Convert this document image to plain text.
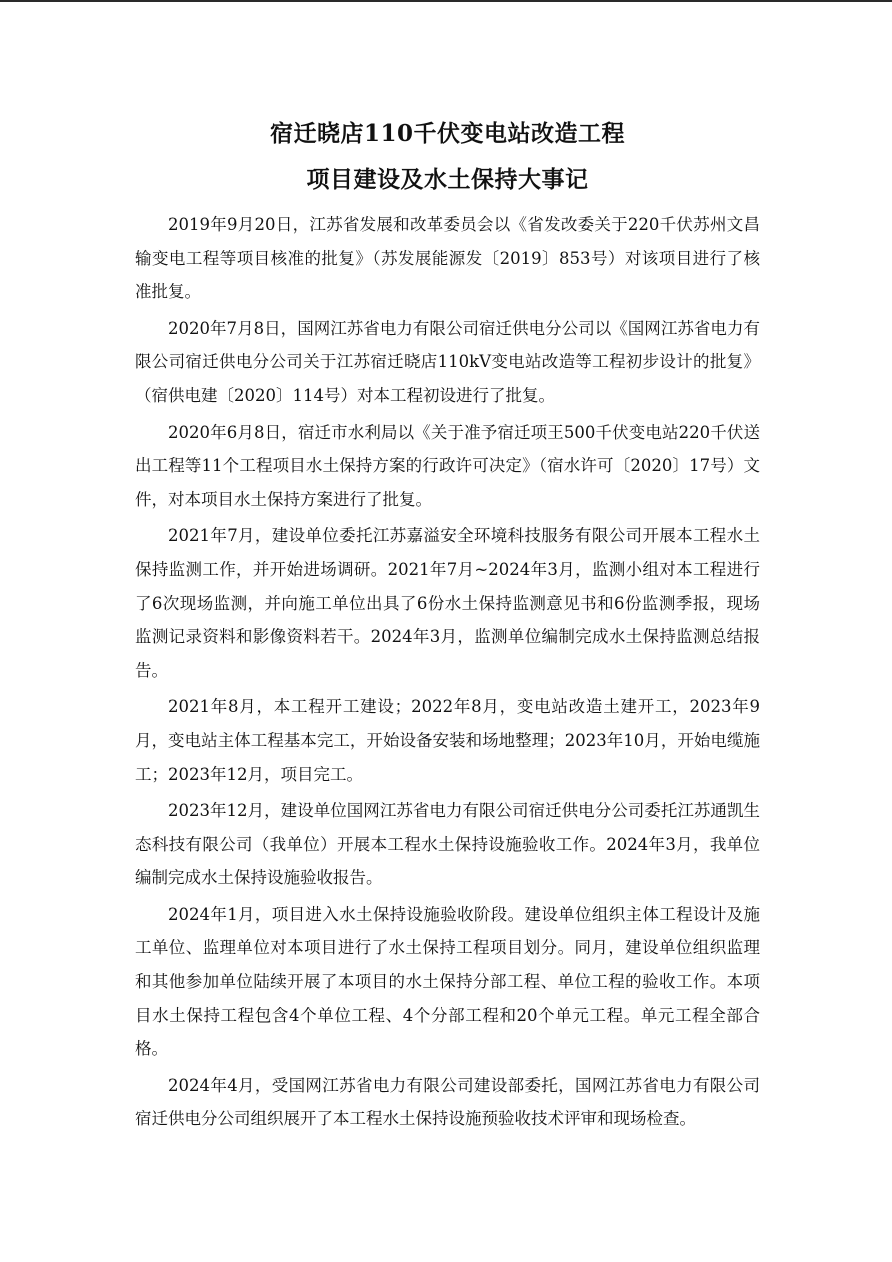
宿迁晓店110千伏变电站改造工程
项目建设及水土保持大事记

2019年9月20日，江苏省发展和改革委员会以《省发改委关于220千伏苏州文昌输变电工程等项目核准的批复》（苏发展能源发〔2019〕853号）对该项目进行了核准批复。

2020年7月8日，国网江苏省电力有限公司宿迁供电分公司以《国网江苏省电力有限公司宿迁供电分公司关于江苏宿迁晓店110kV变电站改造等工程初步设计的批复》（宿供电建〔2020〕114号）对本工程初设进行了批复。

2020年6月8日，宿迁市水利局以《关于准予宿迁项王500千伏变电站220千伏送出工程等11个工程项目水土保持方案的行政许可决定》（宿水许可〔2020〕17号）文件，对本项目水土保持方案进行了批复。

2021年7月，建设单位委托江苏嘉溢安全环境科技服务有限公司开展本工程水土保持监测工作，并开始进场调研。2021年7月~2024年3月，监测小组对本工程进行了6次现场监测，并向施工单位出具了6份水土保持监测意见书和6份监测季报，现场监测记录资料和影像资料若干。2024年3月，监测单位编制完成水土保持监测总结报告。

2021年8月，本工程开工建设；2022年8月，变电站改造土建开工，2023年9月，变电站主体工程基本完工，开始设备安装和场地整理；2023年10月，开始电缆施工；2023年12月，项目完工。

2023年12月，建设单位国网江苏省电力有限公司宿迁供电分公司委托江苏通凯生态科技有限公司（我单位）开展本工程水土保持设施验收工作。2024年3月，我单位编制完成水土保持设施验收报告。

2024年1月，项目进入水土保持设施验收阶段。建设单位组织主体工程设计及施工单位、监理单位对本项目进行了水土保持工程项目划分。同月，建设单位组织监理和其他参加单位陆续开展了本项目的水土保持分部工程、单位工程的验收工作。本项目水土保持工程包含4个单位工程、4个分部工程和20个单元工程。单元工程全部合格。

2024年4月，受国网江苏省电力有限公司建设部委托，国网江苏省电力有限公司宿迁供电分公司组织展开了本工程水土保持设施预验收技术评审和现场检查。
